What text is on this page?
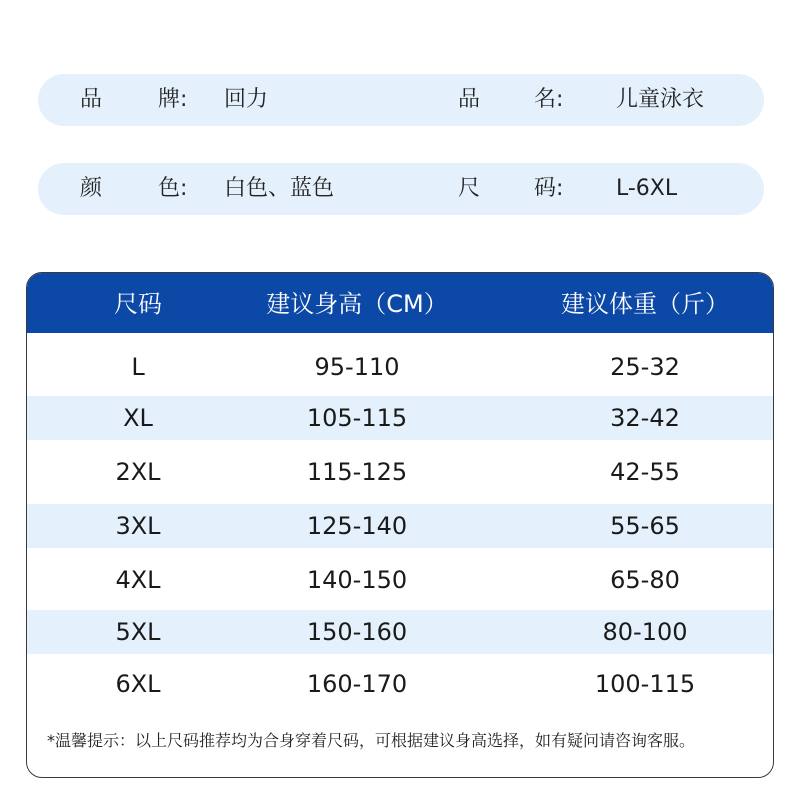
品	牌: 回力	品 名: 儿童泳衣
颜	色: 白色、蓝色	尺 码: L-6XL
尺码	建议身高（CM）	建议体重（斤）
L	95-110	25-32
XL	105-115	32-42
2XL	115-125	42-55
3XL	125-140	55-65
4XL	140-150	65-80
5XL	150-160	80-100
6XL	160-170	100-115
*温馨提示：以上尺码推荐均为合身穿着尺码，可根据建议身高选择，如有疑问请咨询客服。
